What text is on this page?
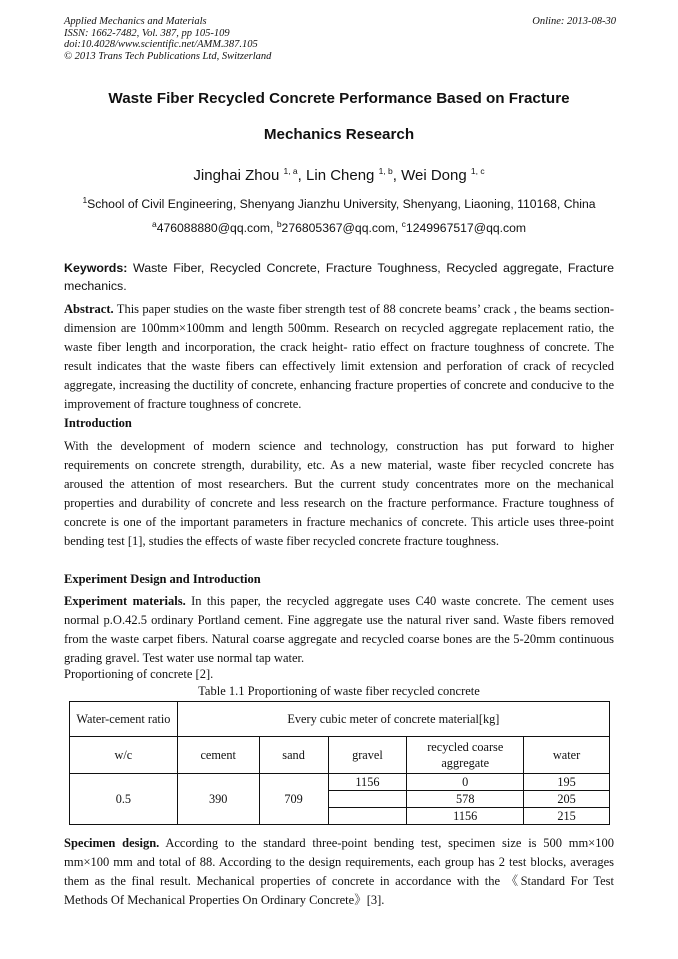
Applied Mechanics and Materials
ISSN: 1662-7482, Vol. 387, pp 105-109
doi:10.4028/www.scientific.net/AMM.387.105
© 2013 Trans Tech Publications Ltd, Switzerland
Online: 2013-08-30
Waste Fiber Recycled Concrete Performance Based on Fracture
Mechanics Research
Jinghai Zhou $^{1, a}$, Lin Cheng $^{1, b}$, Wei Dong $^{1, c}$
$^1$School of Civil Engineering, Shenyang Jianzhu University, Shenyang, Liaoning, 110168, China
$^a$476088880@qq.com, $^b$276805367@qq.com, $^c$1249967517@qq.com
Keywords: Waste Fiber, Recycled Concrete, Fracture Toughness, Recycled aggregate, Fracture mechanics.
Abstract. This paper studies on the waste fiber strength test of 88 concrete beams’ crack , the beams section-dimension are 100mm×100mm and length 500mm. Research on recycled aggregate replacement ratio, the waste fiber length and incorporation, the crack height- ratio effect on fracture toughness of concrete. The result indicates that the waste fibers can effectively limit extension and perforation of crack of recycled aggregate, increasing the ductility of concrete, enhancing fracture properties of concrete and conducive to the improvement of fracture toughness of concrete.
Introduction
With the development of modern science and technology, construction has put forward to higher requirements on concrete strength, durability, etc. As a new material, waste fiber recycled concrete has aroused the attention of most researchers. But the current study concentrates more on the mechanical properties and durability of concrete and less research on the fracture performance. Fracture toughness of concrete is one of the important parameters in fracture mechanics of concrete. This article uses three-point bending test [1], studies the effects of waste fiber recycled concrete fracture toughness.
Experiment Design and Introduction
Experiment materials. In this paper, the recycled aggregate uses C40 waste concrete. The cement uses normal p.O.42.5 ordinary Portland cement. Fine aggregate use the natural river sand. Waste fibers removed from the waste carpet fibers. Natural coarse aggregate and recycled coarse bones are the 5-20mm continuous grading gravel. Test water use normal tap water.
Proportioning of concrete [2].
Table 1.1 Proportioning of waste fiber recycled concrete
Water-cement ratio	Every cubic meter of concrete material[kg]				
w/c	cement	sand	gravel	recycled coarse aggregate	water
0.5	390	709	1156	0	195
				578	205
				1156	215
Specimen design. According to the standard three-point bending test, specimen size is 500 mm×100 mm×100 mm and total of 88. According to the design requirements, each group has 2 test blocks, averages them as the final result. Mechanical properties of concrete in accordance with the 《Standard For Test Methods Of Mechanical Properties On Ordinary Concrete》[3].
